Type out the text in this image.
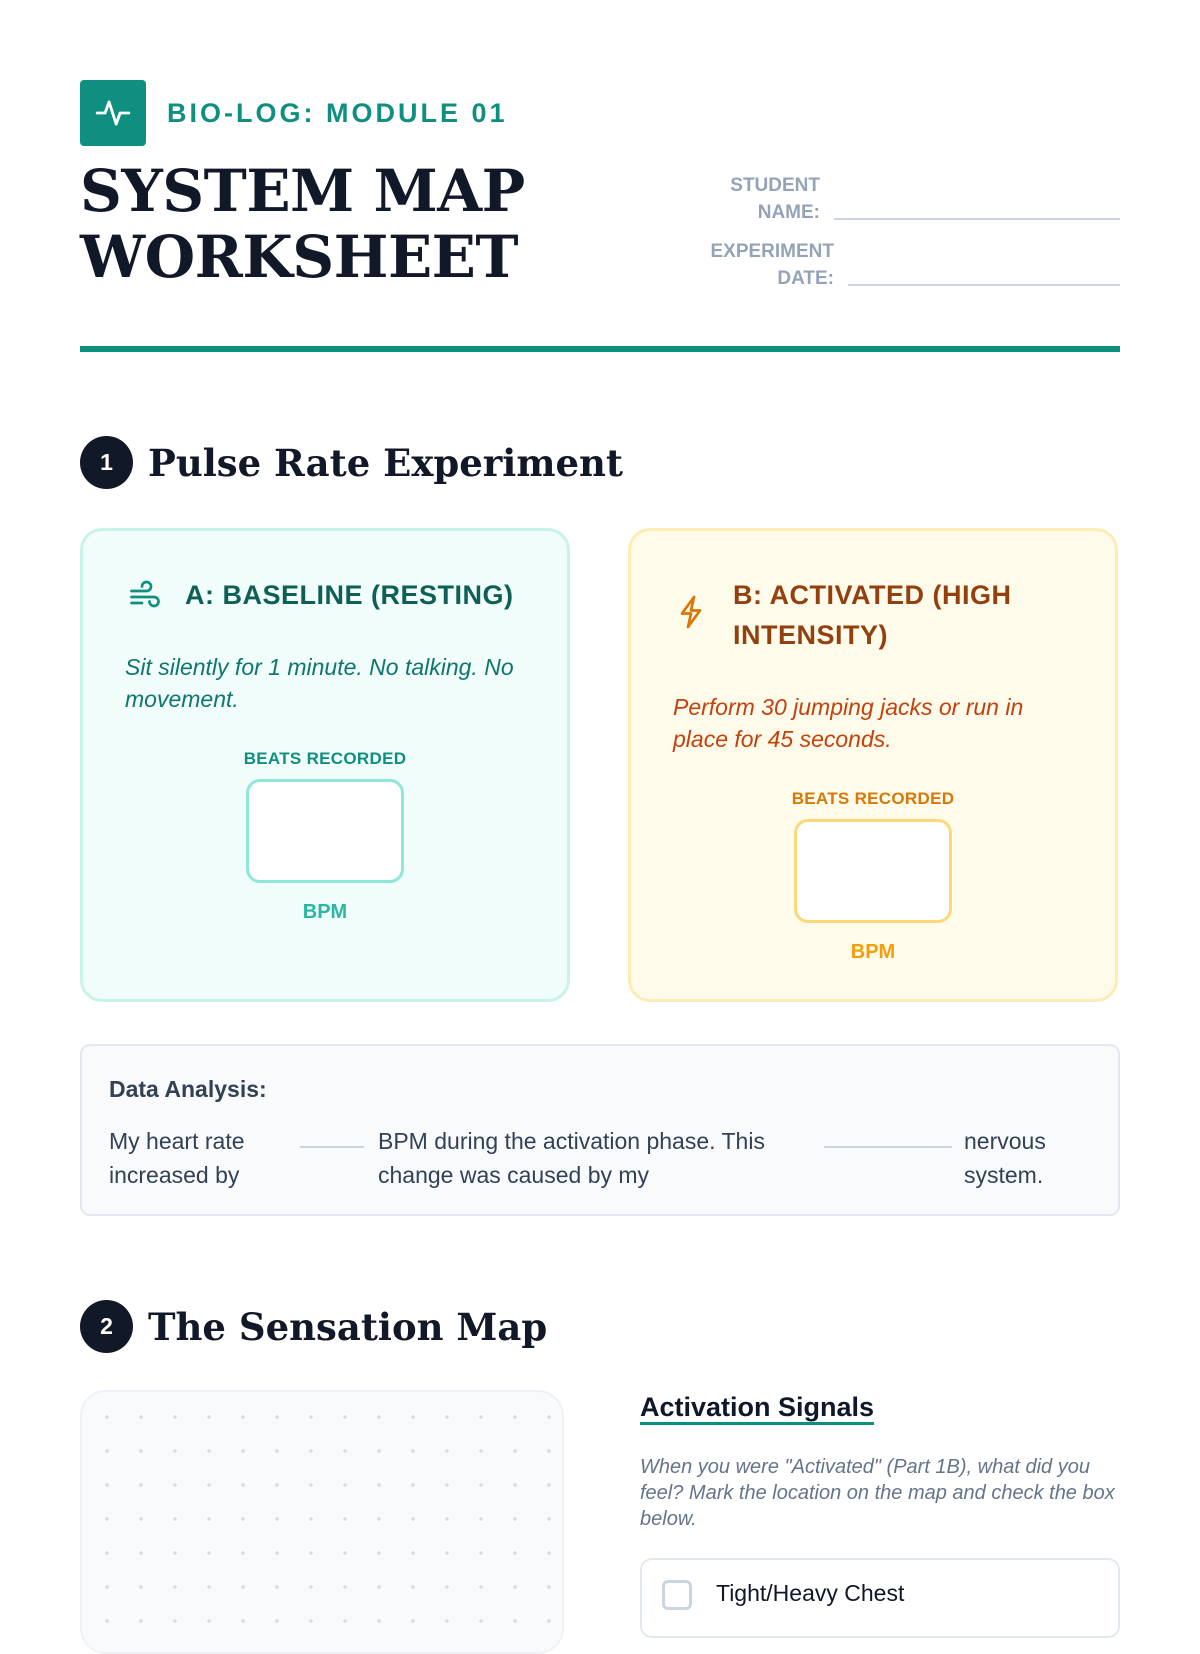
BIO-LOG: MODULE 01
SYSTEM MAP
WORKSHEET
STUDENT
NAME:
EXPERIMENT
DATE:
1 Pulse Rate Experiment
A: BASELINE (RESTING)
Sit silently for 1 minute. No talking. No movement.
BEATS RECORDED
BPM
B: ACTIVATED (HIGH INTENSITY)
Perform 30 jumping jacks or run in place for 45 seconds.
BEATS RECORDED
BPM
Data Analysis:
My heart rate increased by
BPM during the activation phase. This change was caused by my
nervous system.
2 The Sensation Map
Activation Signals
When you were "Activated" (Part 1B), what did you feel? Mark the location on the map and check the box below.
Tight/Heavy Chest
